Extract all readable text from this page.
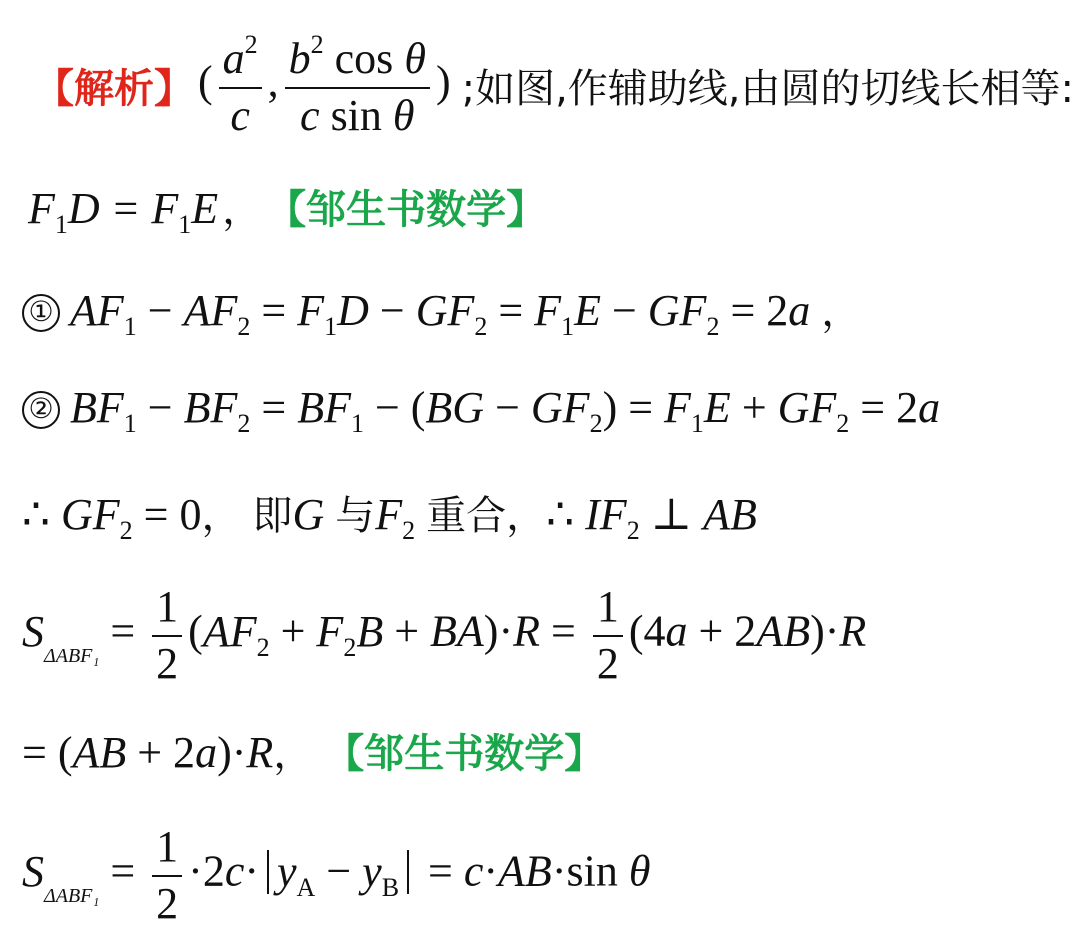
【解析】 ( $\frac{a^2}{c}$ , $\frac{b^2 \cos \theta}{\text{c sin θ}}$ ) ;如图,作辅助线,由圆的切线长相等:
$F_1D = F_1E$ ， 【邹生书数学】
① $AF_1 - AF_2 = F_1D - GF_2 = F_1E - GF_2 = 2a$ ，
② $BF_1 - BF_2 = BF_1 - (BG - GF_2) = F_1E + GF_2 = 2a$
∴ $GF_2 = 0$， 即G 与$F_2$ 重合，∴ $IF_2$ ⊥ AB
$S_{\Delta ABF_1} = \frac{1}{2} (AF_2 + F_2B + BA)\cdot R = \frac{1}{2} (4a + 2AB)\cdot R$
= (AB + 2a)·R， 【邹生书数学】
$S_{\Delta ABF_1} = \frac{1}{2} \cdot 2c\cdot y_A - y_B = c\cdot AB\cdot\sin$ θ
